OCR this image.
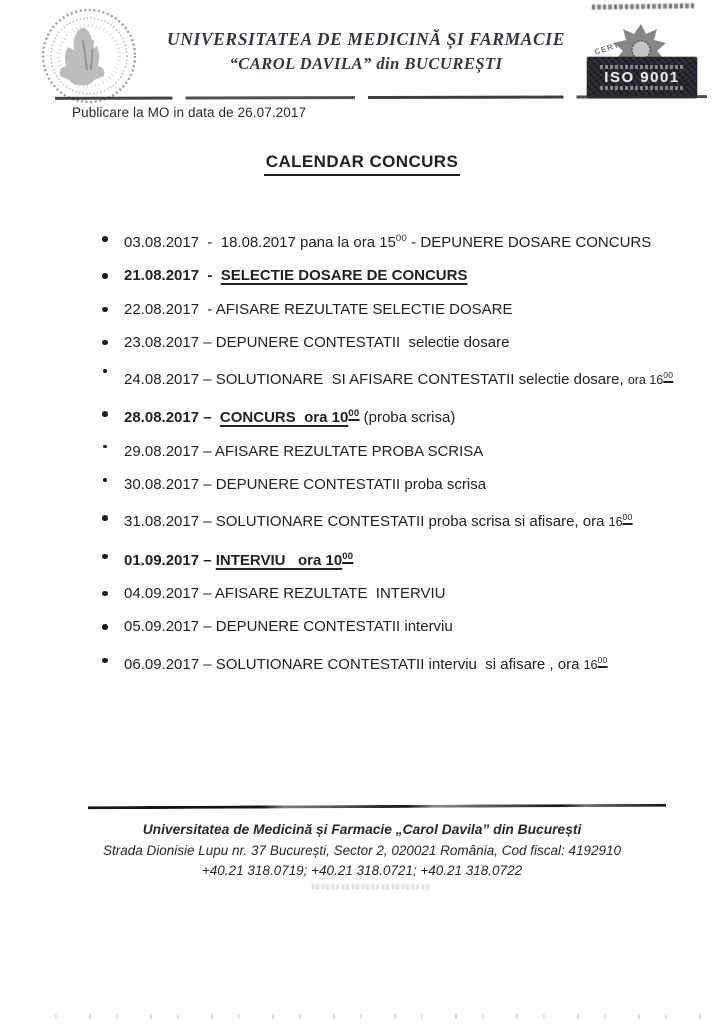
UNIVERSITATEA DE MEDICINĂ ȘI FARMACIE
“CAROL DAVILA” din BUCUREȘTI
CERT
ISO 9001
Publicare la MO in data de 26.07.2017
CALENDAR CONCURS
03.08.2017  -  18.08.2017 pana la ora $15^{00}$ - DEPUNERE DOSARE CONCURS
21.08.2017  -  SELECTIE DOSARE DE CONCURS
22.08.2017  - AFISARE REZULTATE SELECTIE DOSARE
23.08.2017 – DEPUNERE CONTESTATII  selectie dosare
24.08.2017 – SOLUTIONARE  SI AFISARE CONTESTATII selectie dosare, ora $16^{00}$
28.08.2017 –  CONCURS  ora $10^{00}$ (proba scrisa)
29.08.2017 – AFISARE REZULTATE PROBA SCRISA
30.08.2017 – DEPUNERE CONTESTATII proba scrisa
31.08.2017 – SOLUTIONARE CONTESTATII proba scrisa si afisare, ora $16^{00}$
01.09.2017 – INTERVIU   ora $10^{00}$
04.09.2017 – AFISARE REZULTATE  INTERVIU
05.09.2017 – DEPUNERE CONTESTATII interviu
06.09.2017 – SOLUTIONARE CONTESTATII interviu  si afisare , ora $16^{00}$
Universitatea de Medicină și Farmacie „Carol Davila” din București
Strada Dionisie Lupu nr. 37 București, Sector 2, 020021 România, Cod fiscal: 4192910
+40.21 318.0719; +40.21 318.0721; +40.21 318.0722
